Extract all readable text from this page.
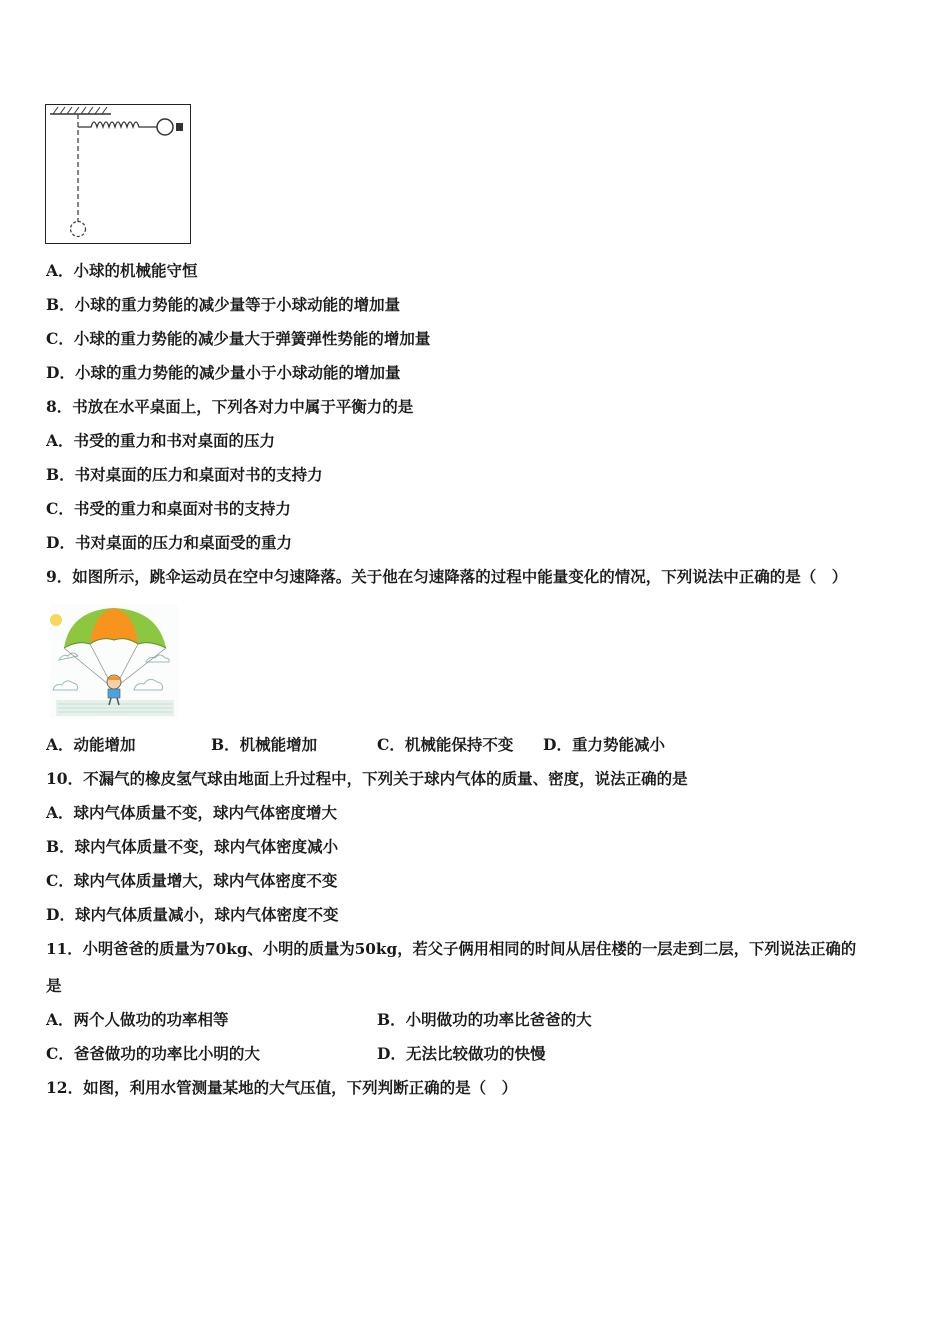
A．小球的机械能守恒
B．小球的重力势能的减少量等于小球动能的增加量
C．小球的重力势能的减少量大于弹簧弹性势能的增加量
D．小球的重力势能的减少量小于小球动能的增加量
8．书放在水平桌面上，下列各对力中属于平衡力的是
A．书受的重力和书对桌面的压力
B．书对桌面的压力和桌面对书的支持力
C．书受的重力和桌面对书的支持力
D．书对桌面的压力和桌面受的重力
9．如图所示，跳伞运动员在空中匀速降落。关于他在匀速降落的过程中能量变化的情况，下列说法中正确的是（　）
A．动能增加	B．机械能增加	C．机械能保持不变 D．重力势能减小
10．不漏气的橡皮氢气球由地面上升过程中，下列关于球内气体的质量、密度，说法正确的是
A．球内气体质量不变，球内气体密度增大
B．球内气体质量不变，球内气体密度减小
C．球内气体质量增大，球内气体密度不变
D．球内气体质量减小，球内气体密度不变
11．小明爸爸的质量为70kg、小明的质量为50kg，若父子俩用相同的时间从居住楼的一层走到二层，下列说法正确的
是
A．两个人做功的功率相等	B．小明做功的功率比爸爸的大
C．爸爸做功的功率比小明的大	D．无法比较做功的快慢
12．如图，利用水管测量某地的大气压值，下列判断正确的是（　）
